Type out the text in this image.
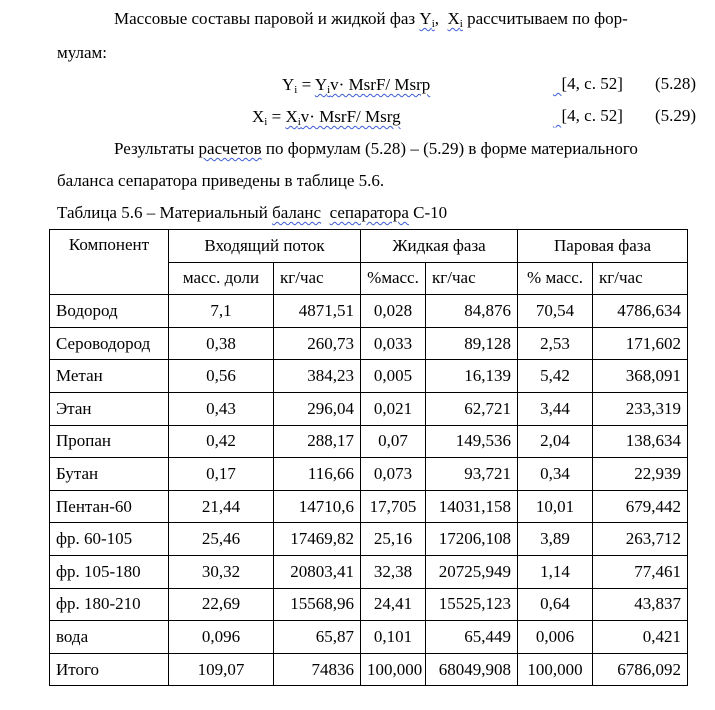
Массовые составы паровой и жидкой фаз $Y_i$, $X_i$ рассчитываем по фор-
мулам:
$Y_i = Y_iv\cdot$ MsrF/ Msrp	[4, с. 52] (5.28)
$X_i = X_iv\cdot$ MsrF/ Msrg	[4, с. 52] (5.29)
Результаты расчетов по формулам (5.28) – (5.29) в форме материального
баланса сепаратора приведены в таблице 5.6.
Таблица 5.6 – Материальный баланс сепаратора С-10
Компонент	Входящий поток		Жидкая фаза		Паровая фаза	
	масс. доли	кг/час	%масс.	кг/час	% масс.	кг/час
Водород	7,1	4871,51	0,028	84,876	70,54	4786,634
Сероводород	0,38	260,73	0,033	89,128	2,53	171,602
Метан	0,56	384,23	0,005	16,139	5,42	368,091
Этан	0,43	296,04	0,021	62,721	3,44	233,319
Пропан	0,42	288,17	0,07	149,536	2,04	138,634
Бутан	0,17	116,66	0,073	93,721	0,34	22,939
Пентан-60	21,44	14710,6	17,705	14031,158	10,01	679,442
фр. 60-105	25,46	17469,82	25,16	17206,108	3,89	263,712
фр. 105-180	30,32	20803,41	32,38	20725,949	1,14	77,461
фр. 180-210	22,69	15568,96	24,41	15525,123	0,64	43,837
вода	0,096	65,87	0,101	65,449	0,006	0,421
Итого	109,07	74836	100,000	68049,908	100,000	6786,092
